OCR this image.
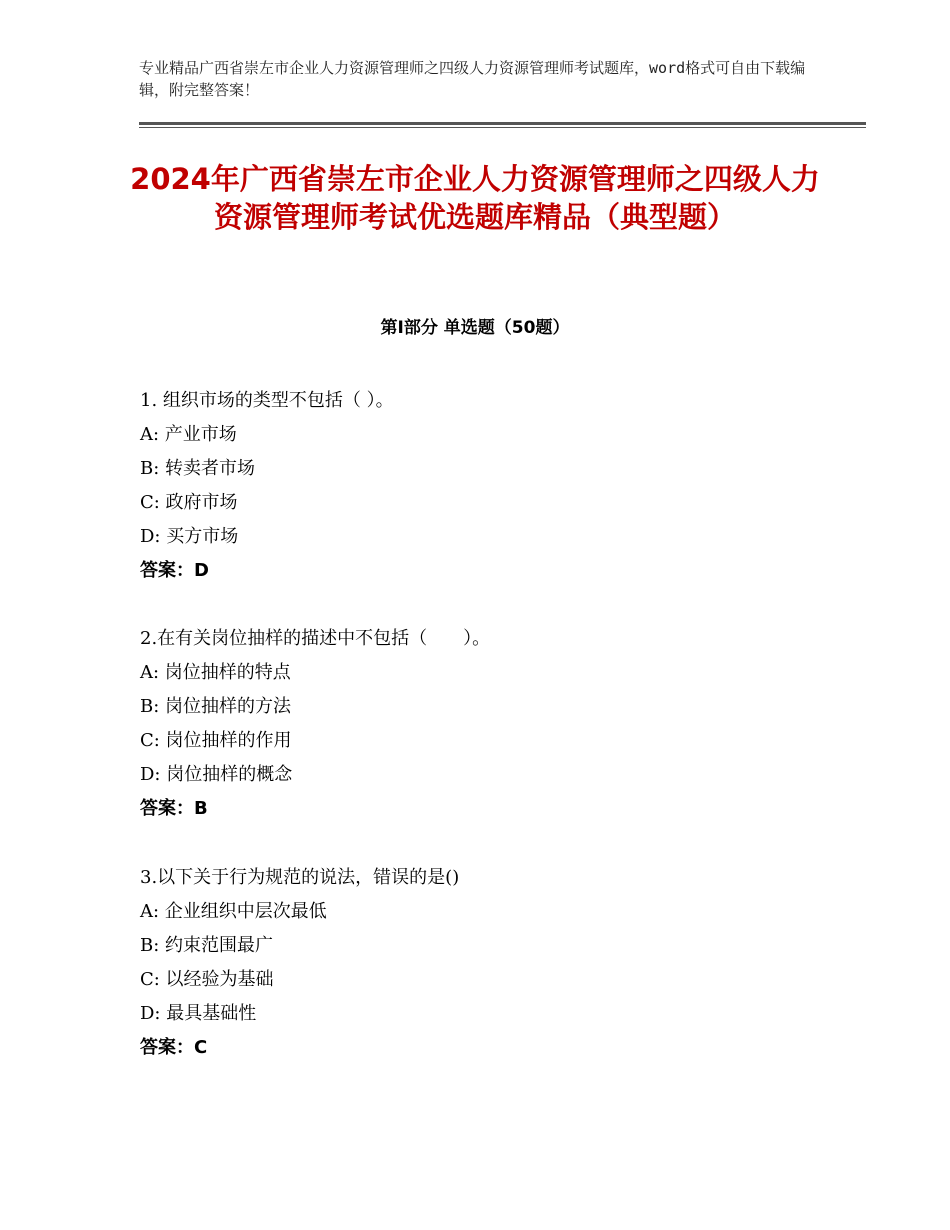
专业精品广西省崇左市企业人力资源管理师之四级人力资源管理师考试题库，word格式可自由下载编辑，附完整答案！
2024年广西省崇左市企业人力资源管理师之四级人力资源管理师考试优选题库精品（典型题）
第Ⅰ部分 单选题（50题）
1. 组织市场的类型不包括（ ）。
A: 产业市场
B: 转卖者市场
C: 政府市场
D: 买方市场
答案：D
2.在有关岗位抽样的描述中不包括（　　）。
A: 岗位抽样的特点
B: 岗位抽样的方法
C: 岗位抽样的作用
D: 岗位抽样的概念
答案：B
3.以下关于行为规范的说法，错误的是()
A: 企业组织中层次最低
B: 约束范围最广
C: 以经验为基础
D: 最具基础性
答案：C
